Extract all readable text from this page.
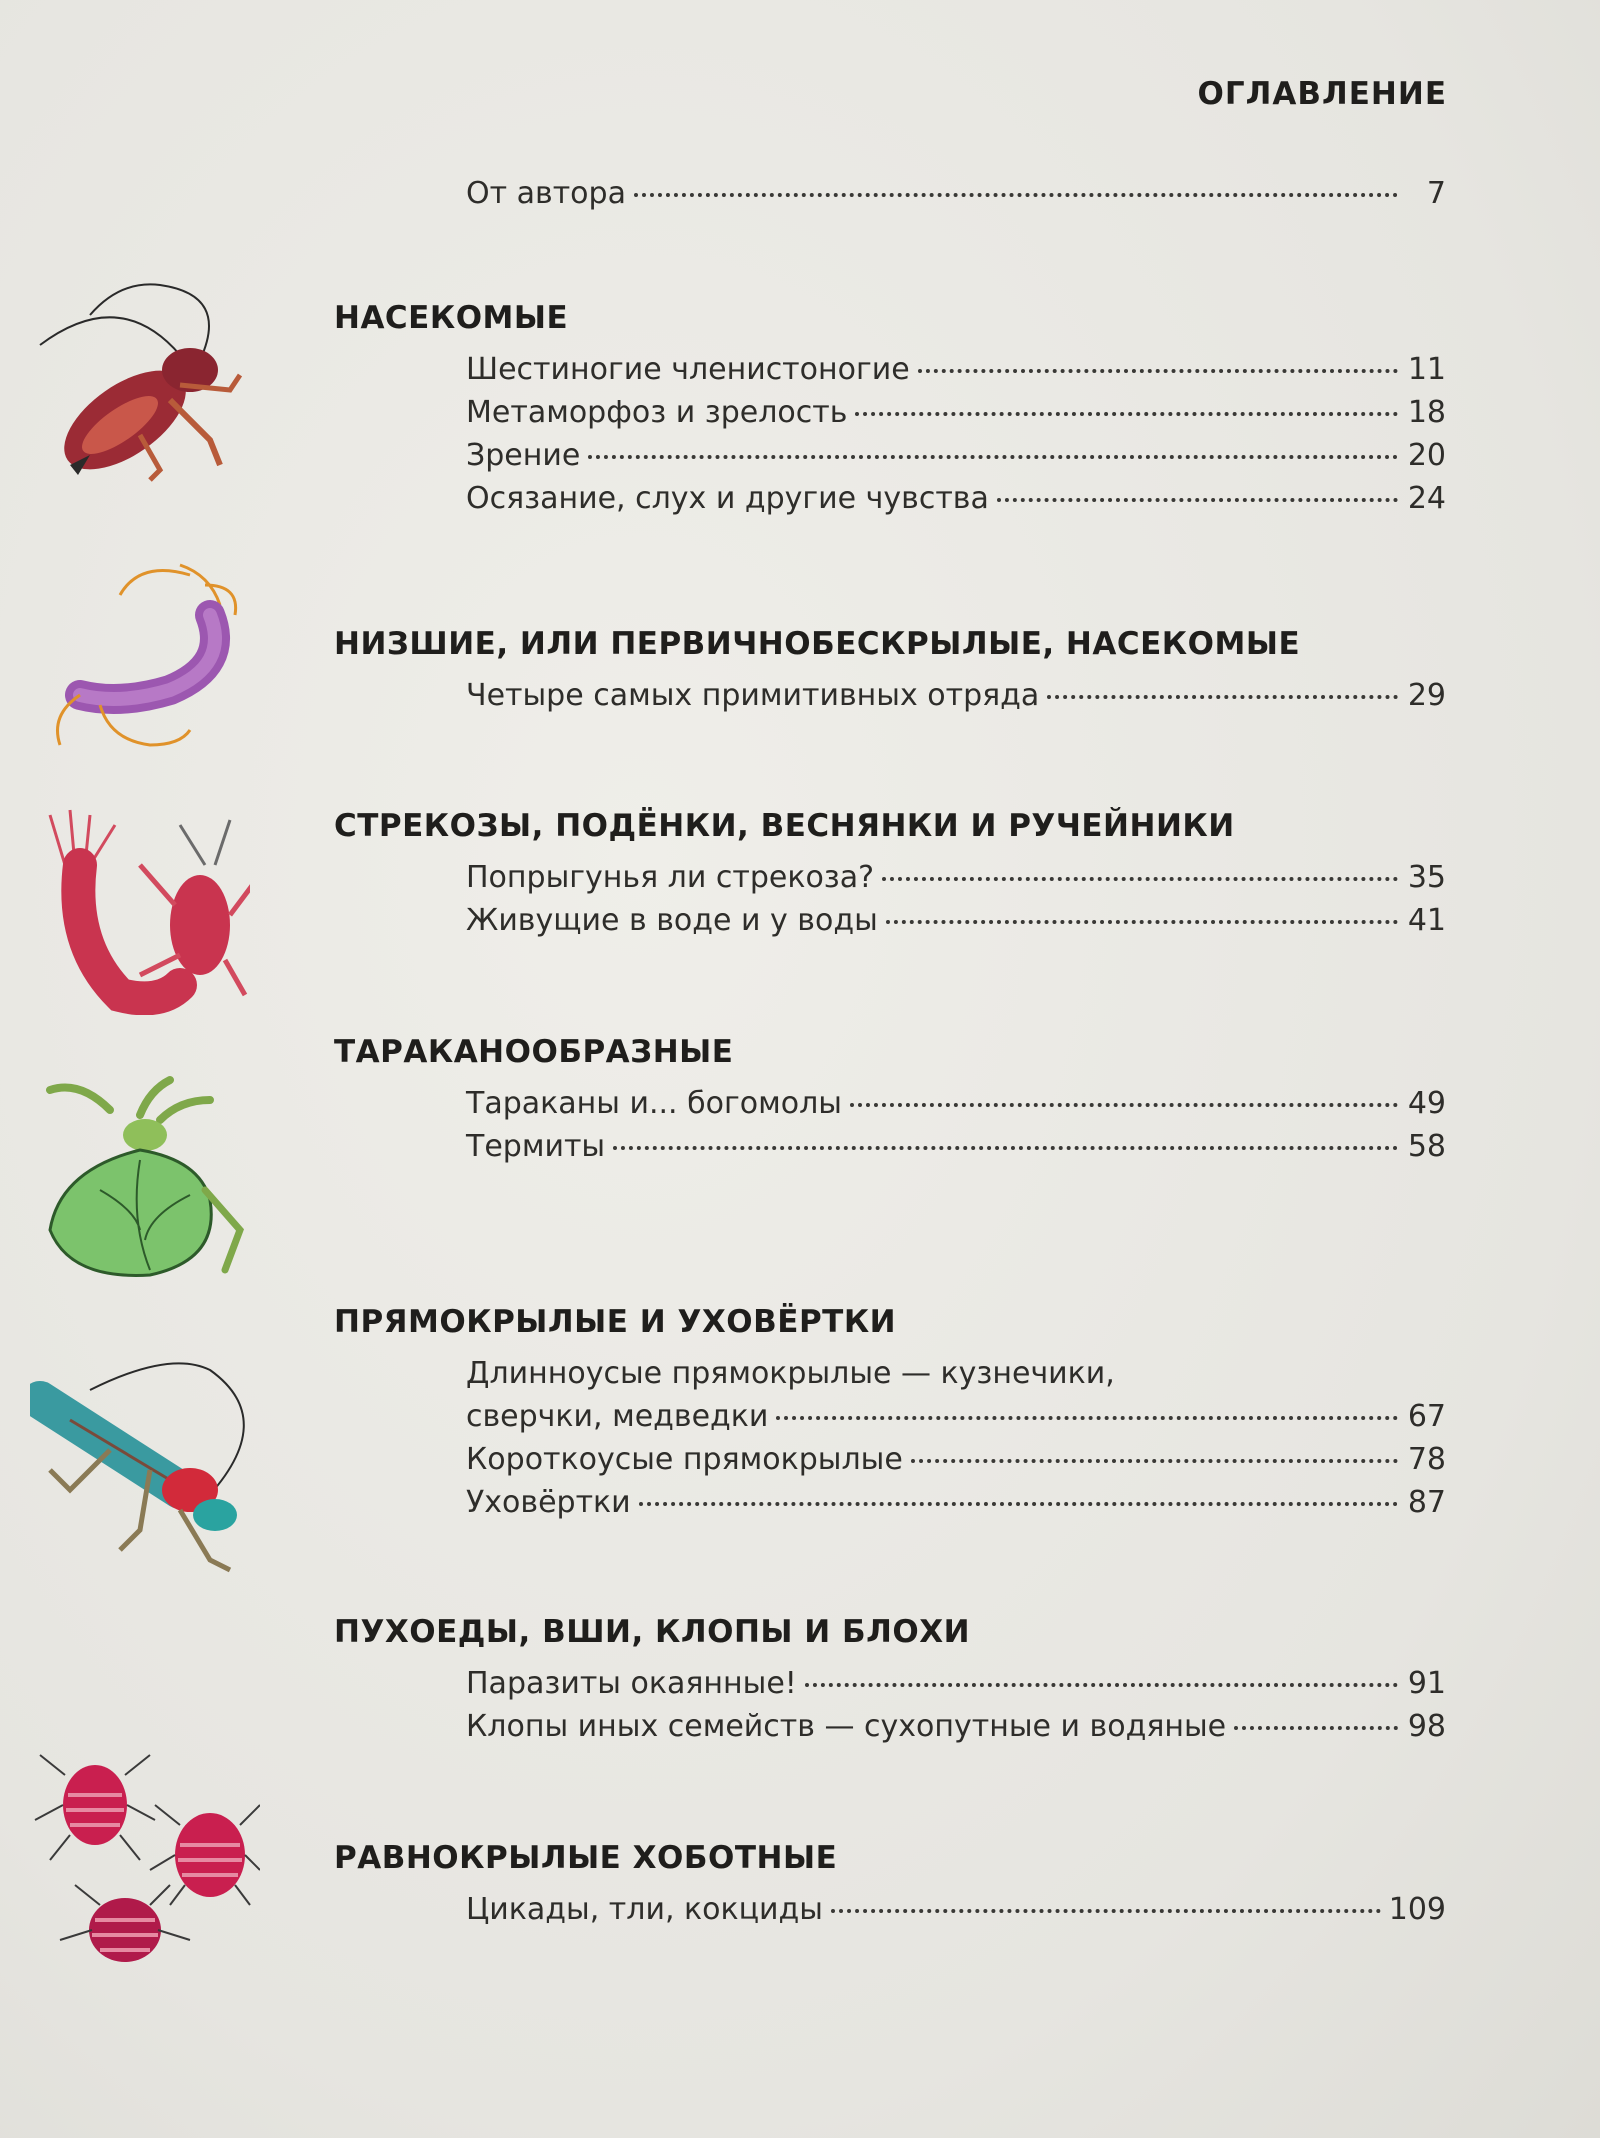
ОГЛАВЛЕНИЕ
От автора	7
НАСЕКОМЫЕ
Шестиногие членистоногие	11
Метаморфоз и зрелость	18
Зрение	20
Осязание, слух и другие чувства	24
НИЗШИЕ, ИЛИ ПЕРВИЧНОБЕСКРЫЛЫЕ, НАСЕКОМЫЕ
Четыре самых примитивных отряда	29
СТРЕКОЗЫ, ПОДЁНКИ, ВЕСНЯНКИ И РУЧЕЙНИКИ
Попрыгунья ли стрекоза?	35
Живущие в воде и у воды	41
ТАРАКАНООБРАЗНЫЕ
Тараканы и... богомолы	49
Термиты	58
ПРЯМОКРЫЛЫЕ И УХОВЁРТКИ
Длинноусые прямокрылые — кузнечики,
сверчки, медведки	67
Короткоусые прямокрылые	78
Уховёртки	87
ПУХОЕДЫ, ВШИ, КЛОПЫ И БЛОХИ
Паразиты окаянные!	91
Клопы иных семейств — сухопутные и водяные	98
РАВНОКРЫЛЫЕ ХОБОТНЫЕ
Цикады, тли, кокциды	109
